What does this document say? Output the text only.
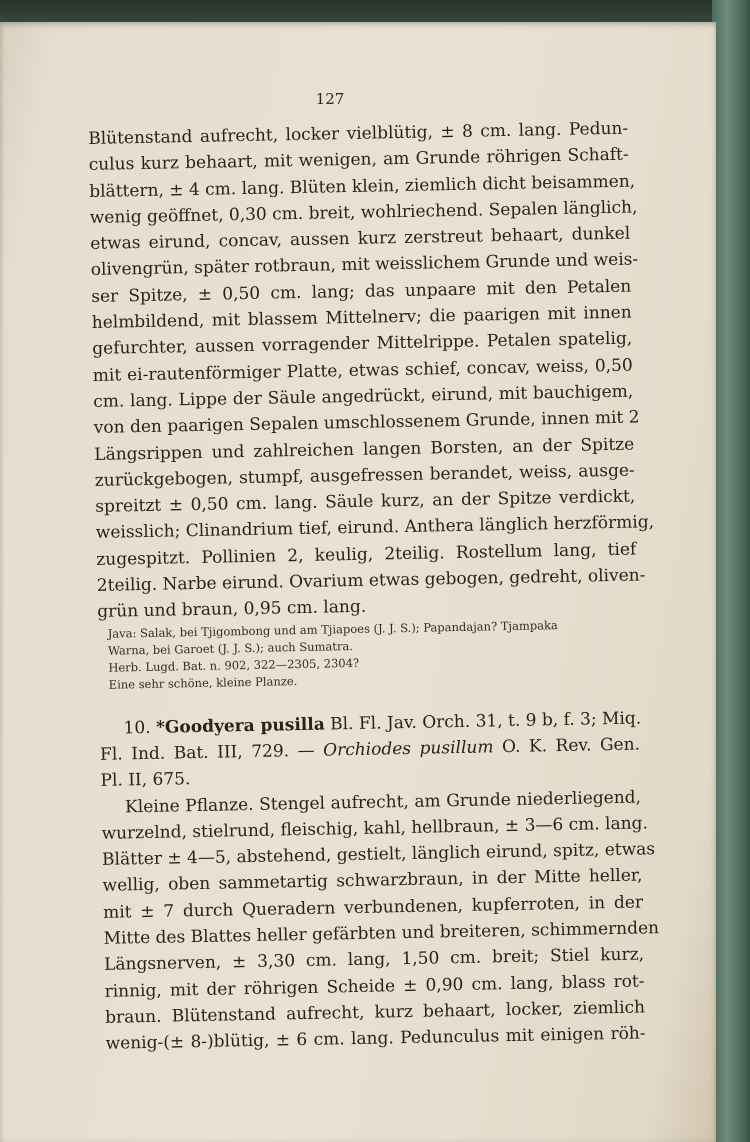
127
Blütenstand aufrecht, locker vielblütig, ± 8 cm. lang. Pedun-
culus kurz behaart, mit wenigen, am Grunde röhrigen Schaft-
blättern, ± 4 cm. lang. Blüten klein, ziemlich dicht beisammen,
wenig geöffnet, 0,30 cm. breit, wohlriechend. Sepalen länglich,
etwas eirund, concav, aussen kurz zerstreut behaart, dunkel
olivengrün, später rotbraun, mit weisslichem Grunde und weis-
ser Spitze, ± 0,50 cm. lang; das unpaare mit den Petalen
helmbildend, mit blassem Mittelnerv; die paarigen mit innen
gefurchter, aussen vorragender Mittelrippe. Petalen spatelig,
mit ei-rautenförmiger Platte, etwas schief, concav, weiss, 0,50
cm. lang. Lippe der Säule angedrückt, eirund, mit bauchigem,
von den paarigen Sepalen umschlossenem Grunde, innen mit 2
Längsrippen und zahlreichen langen Borsten, an der Spitze
zurückgebogen, stumpf, ausgefressen berandet, weiss, ausge-
spreitzt ± 0,50 cm. lang. Säule kurz, an der Spitze verdickt,
weisslich; Clinandrium tief, eirund. Anthera länglich herzförmig,
zugespitzt. Pollinien 2, keulig, 2teilig. Rostellum lang, tief
2teilig. Narbe eirund. Ovarium etwas gebogen, gedreht, oliven-
grün und braun, 0,95 cm. lang.
Java: Salak, bei Tjigombong und am Tjiapoes (J. J. S.); Papandajan? Tjampaka
Warna, bei Garoet (J. J. S.); auch Sumatra.
Herb. Lugd. Bat. n. 902, 322—2305, 2304?
Eine sehr schöne, kleine Planze.
10. *Goodyera pusilla Bl. Fl. Jav. Orch. 31, t. 9 b, f. 3; Miq.
Fl. Ind. Bat. III, 729. — Orchiodes pusillum O. K. Rev. Gen.
Pl. II, 675.
Kleine Pflanze. Stengel aufrecht, am Grunde niederliegend,
wurzelnd, stielrund, fleischig, kahl, hellbraun, ± 3—6 cm. lang.
Blätter ± 4—5, abstehend, gestielt, länglich eirund, spitz, etwas
wellig, oben sammetartig schwarzbraun, in der Mitte heller,
mit ± 7 durch Queradern verbundenen, kupferroten, in der
Mitte des Blattes heller gefärbten und breiteren, schimmernden
Längsnerven, ± 3,30 cm. lang, 1,50 cm. breit; Stiel kurz,
rinnig, mit der röhrigen Scheide ± 0,90 cm. lang, blass rot-
braun. Blütenstand aufrecht, kurz behaart, locker, ziemlich
wenig-(± 8-)blütig, ± 6 cm. lang. Pedunculus mit einigen röh-
